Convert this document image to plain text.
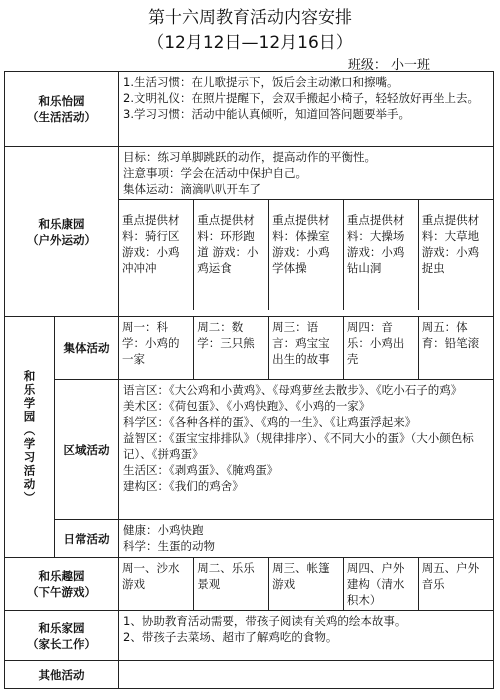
第十六周教育活动内容安排
（12月12日—12月16日）
班级： 小一班
和乐怡园
（生活活动）

1.生活习惯：在儿歌提示下，饭后会主动漱口和擦嘴。
2.文明礼仪：在照片提醒下，会双手搬起小椅子，轻轻放好再坐上去。
3.学习习惯：活动中能认真倾听，知道回答问题要举手。

和乐康园
（户外运动）

目标：练习单脚跳跃的动作，提高动作的平衡性。
注意事项：学会在活动中保护自己。
集体运动：滴滴叭叭开车了
重点提供材料：骑行区 游戏：小鸡冲冲冲	重点提供材料：环形跑道 游戏：小鸡运食	重点提供材料：体操室 游戏：小鸡学体操	重点提供材料：大操场 游戏：小鸡钻山洞	重点提供材料：大草地 游戏：小鸡捉虫

和乐学园（学习活动）
	集体活动	
周一：科学：小鸡的一家	周二：数学：三只熊	周三：语言：鸡宝宝出生的故事	周四：音乐：小鸡出壳	周五：体育：铅笔滚

区域活动	
语言区：《大公鸡和小黄鸡》、《母鸡萝丝去散步》、《吃小石子的鸡》
美术区：《荷包蛋》、《小鸡快跑》、《小鸡的一家》
科学区：《各种各样的蛋》、《鸡的一生》、《让鸡蛋浮起来》
益智区：《蛋宝宝排排队》（规律排序）、《不同大小的蛋》（大小颜色标记）、《拼鸡蛋》
生活区：《剥鸡蛋》、《腌鸡蛋》
建构区：《我们的鸡舍》

日常活动	
健康：小鸡快跑
科学：生蛋的动物

和乐趣园
（下午游戏）

周一、沙水游戏	周二、乐乐景观	周三、帐篷游戏	周四、户外建构（清水积木）	周五、户外音乐

和乐家园
（家长工作）

1、协助教育活动需要，带孩子阅读有关鸡的绘本故事。
2、带孩子去菜场、超市了解鸡吃的食物。

其他活动	
